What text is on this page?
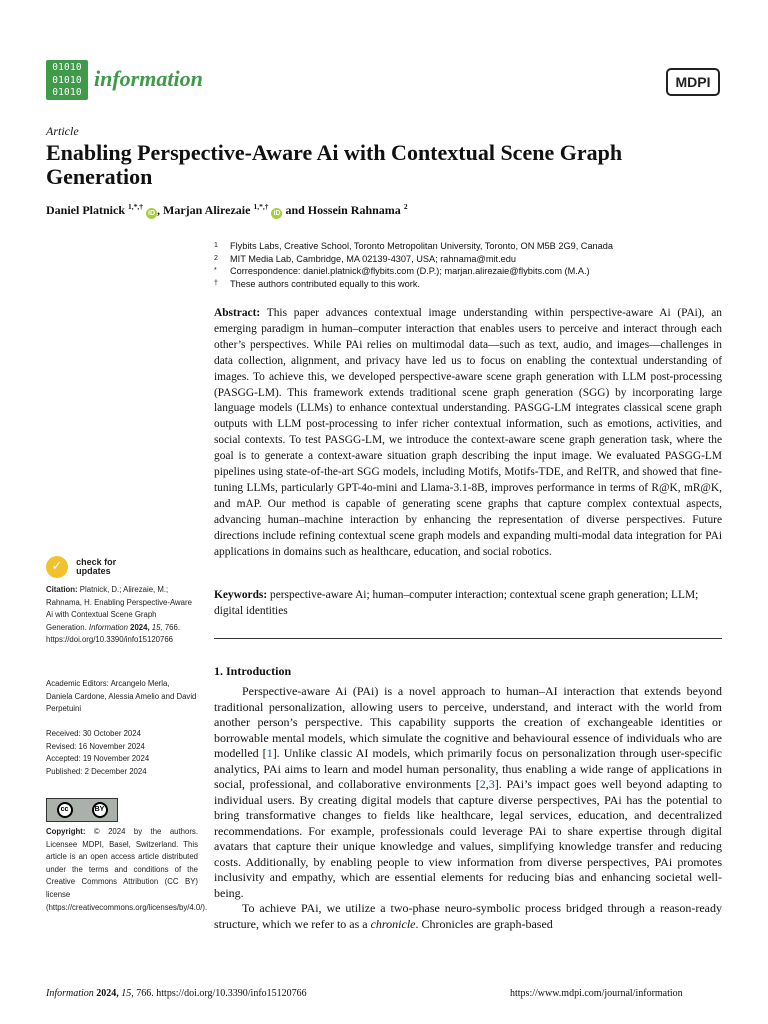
01010
01010
01010
information	MDPI
Article
Enabling Perspective-Aware Ai with Contextual Scene Graph Generation
Daniel Platnick $^{1,*,\dagger}$ iD , Marjan Alirezaie $^{1,*,\dagger}$ iD and Hossein Rahnama $^2$
1	Flybits Labs, Creative School, Toronto Metropolitan University, Toronto, ON M5B 2G9, Canada
2	MIT Media Lab, Cambridge, MA 02139-4307, USA; rahnama@mit.edu
*	Correspondence: daniel.platnick@flybits.com (D.P.); marjan.alirezaie@flybits.com (M.A.)
†	These authors contributed equally to this work.
Abstract: This paper advances contextual image understanding within perspective-aware Ai (PAi), an emerging paradigm in human–computer interaction that enables users to perceive and interact through each other’s perspectives. While PAi relies on multimodal data—such as text, audio, and images—challenges in data collection, alignment, and privacy have led us to focus on enabling the contextual understanding of images. To achieve this, we developed perspective-aware scene graph generation with LLM post-processing (PASGG-LM). This framework extends traditional scene graph generation (SGG) by incorporating large language models (LLMs) to enhance contextual understanding. PASGG-LM integrates classical scene graph outputs with LLM post-processing to infer richer contextual information, such as emotions, activities, and social contexts. To test PASGG-LM, we introduce the context-aware scene graph generation task, where the goal is to generate a context-aware situation graph describing the input image. We evaluated PASGG-LM pipelines using state-of-the-art SGG models, including Motifs, Motifs-TDE, and RelTR, and showed that fine-tuning LLMs, particularly GPT-4o-mini and Llama-3.1-8B, improves performance in terms of R@K, mR@K, and mAP. Our method is capable of generating scene graphs that capture complex contextual aspects, advancing human–machine interaction by enhancing the representation of diverse perspectives. Future directions include refining contextual scene graph models and expanding multi-modal data integration for PAi applications in domains such as healthcare, education, and social robotics.
Keywords: perspective-aware Ai; human–computer interaction; contextual scene graph generation; LLM; digital identities
1. Introduction

Perspective-aware Ai (PAi) is a novel approach to human–AI interaction that extends beyond traditional personalization, allowing users to perceive, understand, and interact with the world from another person’s perspective. This capability supports the creation of exchangeable identities or borrowable mental models, which simulate the cognitive and behavioural essence of individuals who are modelled [1]. Unlike classic AI models, which primarily focus on personalization through user-specific analytics, PAi aims to learn and model human personality, thus enabling a wide range of applications in social, professional, and collaborative environments [2,3]. PAi’s impact goes well beyond adapting to individual users. By creating digital models that capture diverse perspectives, PAi has the potential to bring transformative changes to fields like healthcare, legal services, education, and decentralized recommendations. For example, professionals could leverage PAi to share expertise through digital avatars that capture their unique knowledge and values, simplifying knowledge transfer and reducing costs. Additionally, by enabling people to view information from diverse perspectives, PAi promotes inclusivity and empathy, which are essential elements for reducing bias and enhancing societal well-being.

To achieve PAi, we utilize a two-phase neuro-symbolic process bridged through a reason-ready structure, which we refer to as a chronicle. Chronicles are graph-based

✓ check for
updates
Citation: Platnick, D.; Alirezaie, M.; Rahnama, H. Enabling Perspective-Aware Ai with Contextual Scene Graph Generation. Information 2024, 15, 766. https://doi.org/10.3390/info15120766
Academic Editors: Arcangelo Merla, Daniela Cardone, Alessia Amelio and David Perpetuini
Received: 30 October 2024
Revised: 16 November 2024
Accepted: 19 November 2024
Published: 2 December 2024
cc	BY
Copyright: © 2024 by the authors. Licensee MDPI, Basel, Switzerland. This article is an open access article distributed under the terms and conditions of the Creative Commons Attribution (CC BY) license (https://creativecommons.org/licenses/by/4.0/).
Information 2024, 15, 766. https://doi.org/10.3390/info15120766	https://www.mdpi.com/journal/information
